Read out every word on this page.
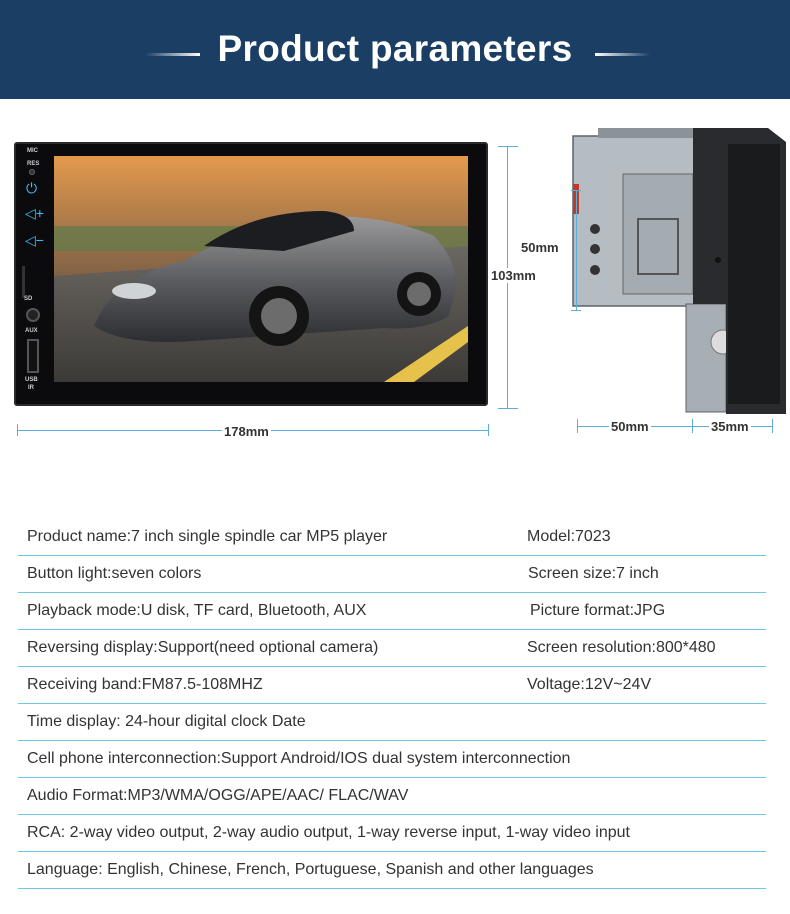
Product parameters
MIC
RES
⏻
◁+
◁−
SD
AUX
USB
IR
103mm
178mm
50mm
50mm	35mm
Product name:7 inch single spindle car MP5 player	Model:7023
Button light:seven colors	Screen size:7 inch
Playback mode:U disk, TF card, Bluetooth, AUX	Picture format:JPG
Reversing display:Support(need optional camera)	Screen resolution:800*480
Receiving band:FM87.5-108MHZ	Voltage:12V~24V
Time display: 24-hour digital clock Date
Cell phone interconnection:Support Android/IOS dual system interconnection
Audio Format:MP3/WMA/OGG/APE/AAC/ FLAC/WAV
RCA: 2-way video output, 2-way audio output, 1-way reverse input, 1-way video input
Language: English, Chinese, French, Portuguese, Spanish and other languages
